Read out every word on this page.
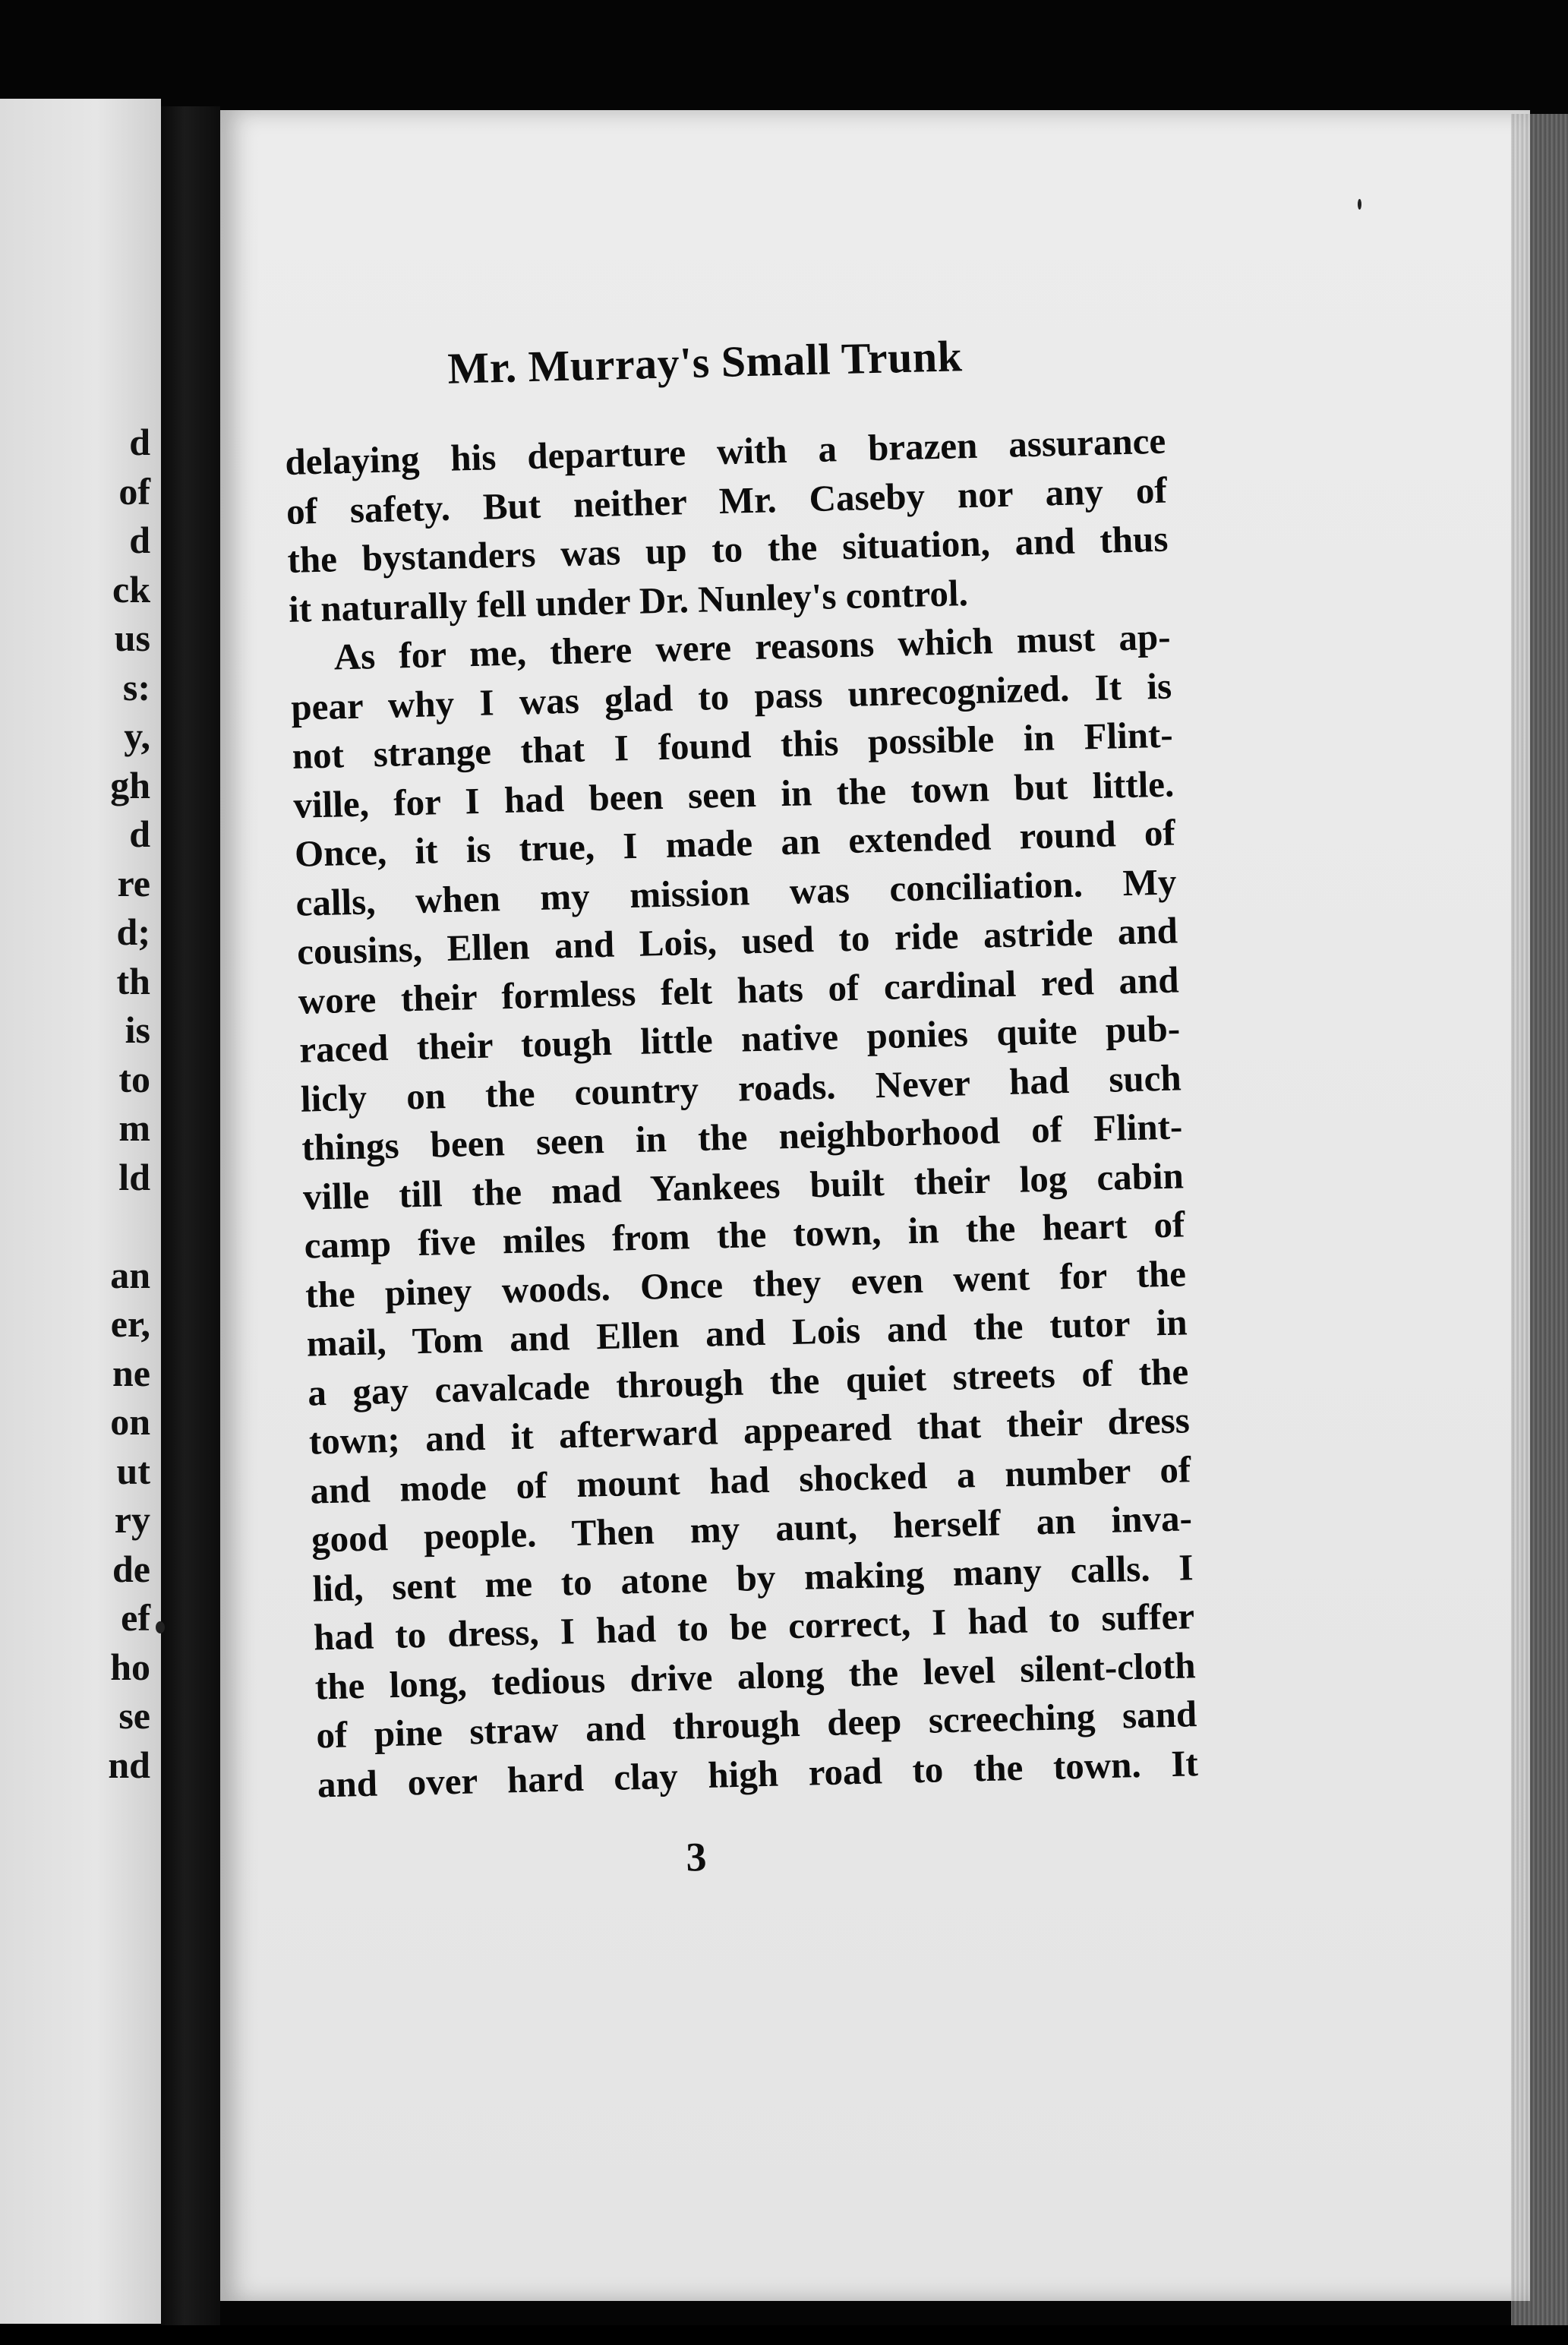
d
of
d
ck
us
s:
y,
gh
d
re
d;
th
is
to
m
ld
an
er,
ne
on
ut
ry
de
ef
ho
se
nd
Mr. Murray's Small Trunk
delaying his departure with a brazen assurance
of safety. But neither Mr. Caseby nor any of
the bystanders was up to the situation, and thus
it naturally fell under Dr. Nunley's control.
As for me, there were reasons which must ap-
pear why I was glad to pass unrecognized. It is
not strange that I found this possible in Flint-
ville, for I had been seen in the town but little.
Once, it is true, I made an extended round of
calls, when my mission was conciliation. My
cousins, Ellen and Lois, used to ride astride and
wore their formless felt hats of cardinal red and
raced their tough little native ponies quite pub-
licly on the country roads. Never had such
things been seen in the neighborhood of Flint-
ville till the mad Yankees built their log cabin
camp five miles from the town, in the heart of
the piney woods. Once they even went for the
mail, Tom and Ellen and Lois and the tutor in
a gay cavalcade through the quiet streets of the
town; and it afterward appeared that their dress
and mode of mount had shocked a number of
good people. Then my aunt, herself an inva-
lid, sent me to atone by making many calls. I
had to dress, I had to be correct, I had to suffer
the long, tedious drive along the level silent-cloth
of pine straw and through deep screeching sand
and over hard clay high road to the town. It
3
